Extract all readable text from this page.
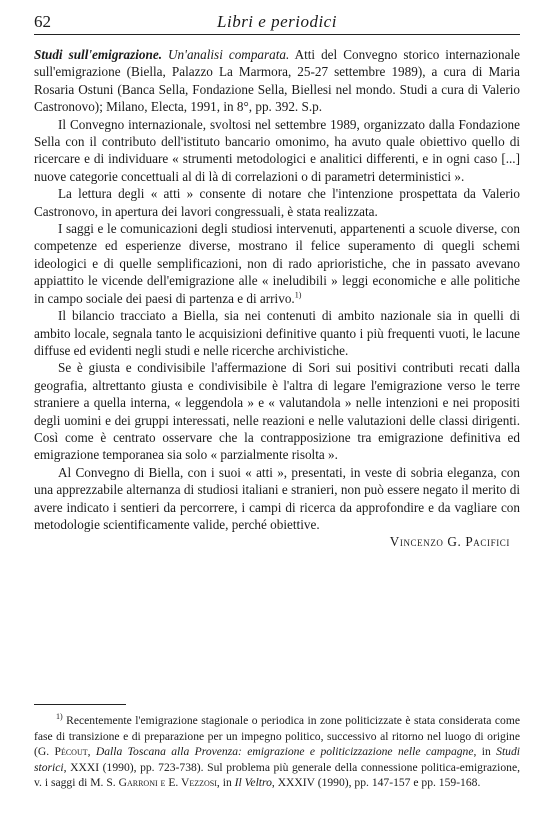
62	Libri e periodici

Studi sull'emigrazione. Un'analisi comparata. Atti del Convegno storico internazionale sull'emigrazione (Biella, Palazzo La Marmora, 25-27 settembre 1989), a cura di Maria Rosaria Ostuni (Banca Sella, Fondazione Sella, Biellesi nel mondo. Studi a cura di Valerio Castronovo); Milano, Electa, 1991, in 8°, pp. 392. S.p.

Il Convegno internazionale, svoltosi nel settembre 1989, organizzato dalla Fondazione Sella con il contributo dell'istituto bancario omonimo, ha avuto quale obiettivo quello di ricercare e di individuare « strumenti metodologici e analitici differenti, e in ogni caso [...] nuove categorie concettuali al di là di correlazioni o di parametri deterministici ».

La lettura degli « atti » consente di notare che l'intenzione prospettata da Valerio Castronovo, in apertura dei lavori congressuali, è stata realizzata.

I saggi e le comunicazioni degli studiosi intervenuti, appartenenti a scuole diverse, con competenze ed esperienze diverse, mostrano il felice superamento di quegli schemi ideologici e di quelle semplificazioni, non di rado aprioristiche, che in passato avevano appiattito le vicende dell'emigrazione alle « ineludibili » leggi economiche e alle politiche in campo sociale dei paesi di partenza e di arrivo.$^{1)}$

Il bilancio tracciato a Biella, sia nei contenuti di ambito nazionale sia in quelli di ambito locale, segnala tanto le acquisizioni definitive quanto i più frequenti vuoti, le lacune diffuse ed evidenti negli studi e nelle ricerche archivistiche.

Se è giusta e condivisibile l'affermazione di Sori sui positivi contributi recati dalla geografia, altrettanto giusta e condivisibile è l'altra di legare l'emigrazione verso le terre straniere a quella interna, « leggendola » e « valutandola » nelle intenzioni e nei propositi degli uomini e dei gruppi interessati, nelle reazioni e nelle valutazioni delle classi dirigenti. Così come è centrato osservare che la contrapposizione tra emigrazione definitiva ed emigrazione temporanea sia solo « parzialmente risolta ».

Al Convegno di Biella, con i suoi « atti », presentati, in veste di sobria eleganza, con una apprezzabile alternanza di studiosi italiani e stranieri, non può essere negato il merito di avere indicato i sentieri da percorrere, i campi di ricerca da approfondire e da vagliare con metodologie scientificamente valide, perché obiettive.

Vincenzo G. Pacifici

$^{1)}$ Recentemente l'emigrazione stagionale o periodica in zone politicizzate è stata considerata come fase di transizione e di preparazione per un impegno politico, successivo al ritorno nel luogo di origine (G. Pécout, Dalla Toscana alla Provenza: emigrazione e politicizzazione nelle campagne, in Studi storici, XXXI (1990), pp. 723-738). Sul problema più generale della connessione politica-emigrazione, v. i saggi di M. S. Garroni e E. Vezzosi, in Il Veltro, XXXIV (1990), pp. 147-157 e pp. 159-168.
